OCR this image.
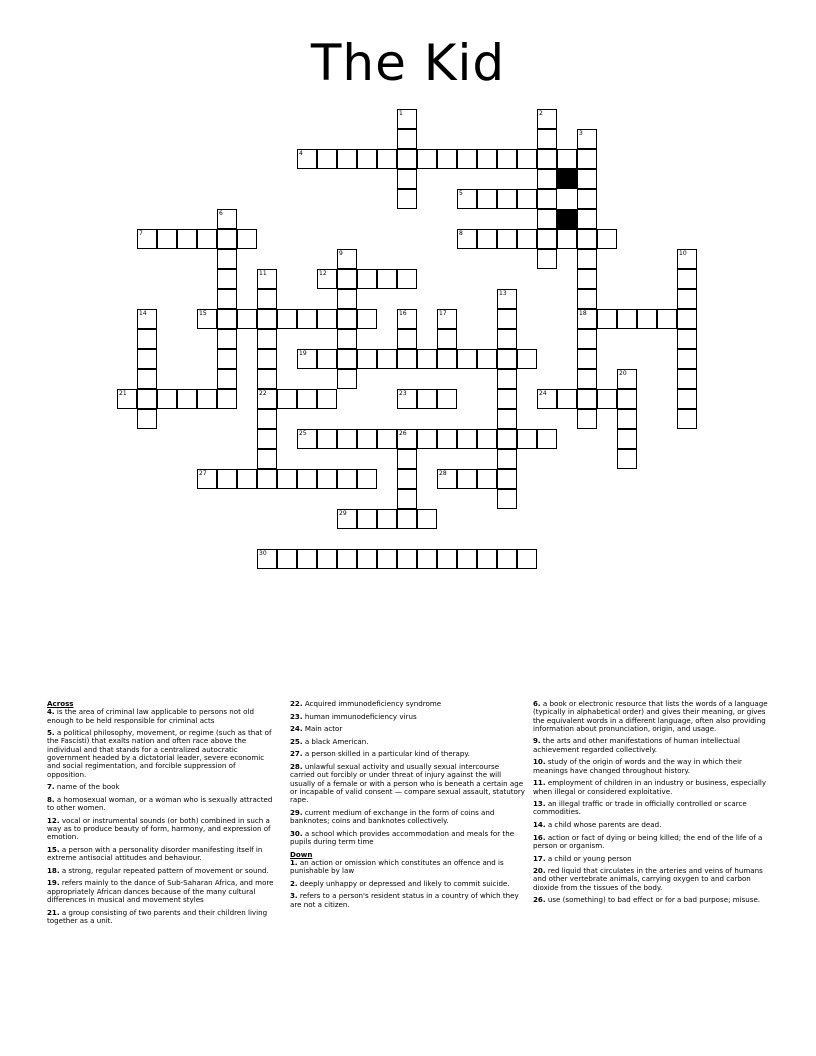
The Kid
1	2
3
4
5
6
7	8
9	10
11	12
13
14	15	16	17	18
19
20
21	22	23	24
25	26
27	28
29
30
Across
4. is the area of criminal law applicable to persons not old enough to be held responsible for criminal acts
5. a political philosophy, movement, or regime (such as that of the Fascisti) that exalts nation and often race above the individual and that stands for a centralized autocratic government headed by a dictatorial leader, severe economic and social regimentation, and forcible suppression of opposition.
7. name of the book
8. a homosexual woman, or a woman who is sexually attracted to other women.
12. vocal or instrumental sounds (or both) combined in such a way as to produce beauty of form, harmony, and expression of emotion.
15. a person with a personality disorder manifesting itself in extreme antisocial attitudes and behaviour.
18. a strong, regular repeated pattern of movement or sound.
19. refers mainly to the dance of Sub-Saharan Africa, and more appropriately African dances because of the many cultural differences in musical and movement styles
21. a group consisting of two parents and their children living together as a unit.
22. Acquired immunodeficiency syndrome
23. human immunodeficiency virus
24. Main actor
25. a black American.
27. a person skilled in a particular kind of therapy.
28. unlawful sexual activity and usually sexual intercourse carried out forcibly or under threat of injury against the will usually of a female or with a person who is beneath a certain age or incapable of valid consent — compare sexual assault, statutory rape.
29. current medium of exchange in the form of coins and banknotes; coins and banknotes collectively.
30. a school which provides accommodation and meals for the pupils during term time
Down
1. an action or omission which constitutes an offence and is punishable by law
2. deeply unhappy or depressed and likely to commit suicide.
3. refers to a person's resident status in a country of which they are not a citizen.
6. a book or electronic resource that lists the words of a language (typically in alphabetical order) and gives their meaning, or gives the equivalent words in a different language, often also providing information about pronunciation, origin, and usage.
9. the arts and other manifestations of human intellectual achievement regarded collectively.
10. study of the origin of words and the way in which their meanings have changed throughout history.
11. employment of children in an industry or business, especially when illegal or considered exploitative.
13. an illegal traffic or trade in officially controlled or scarce commodities.
14. a child whose parents are dead.
16. action or fact of dying or being killed; the end of the life of a person or organism.
17. a child or young person
20. red liquid that circulates in the arteries and veins of humans and other vertebrate animals, carrying oxygen to and carbon dioxide from the tissues of the body.
26. use (something) to bad effect or for a bad purpose; misuse.
